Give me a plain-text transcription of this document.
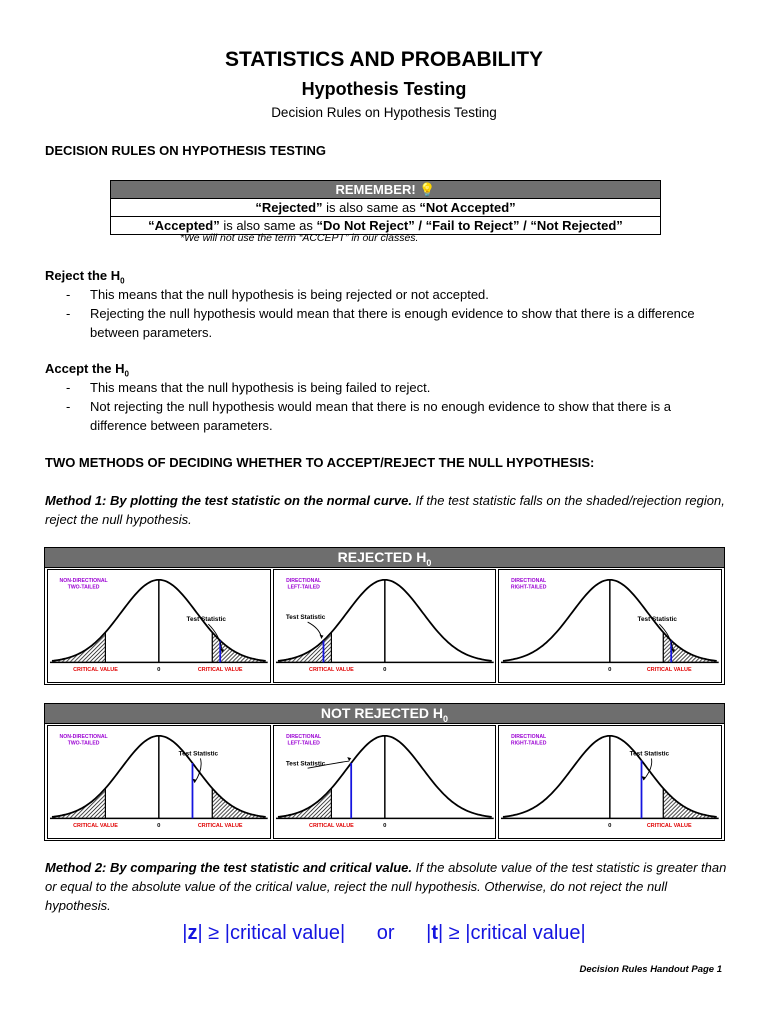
STATISTICS AND PROBABILITY
Hypothesis Testing
Decision Rules on Hypothesis Testing
DECISION RULES ON HYPOTHESIS TESTING
REMEMBER! 💡
“Rejected” is also same as “Not Accepted”
“Accepted” is also same as “Do Not Reject” / “Fail to Reject” / “Not Rejected”
*We will not use the term “ACCEPT” in our classes.
Reject the $H_0$
- This means that the null hypothesis is being rejected or not accepted.
- Rejecting the null hypothesis would mean that there is enough evidence to show that there is a difference between parameters.
Accept the $H_0$
- This means that the null hypothesis is being failed to reject.
- Not rejecting the null hypothesis would mean that there is no enough evidence to show that there is a difference between parameters.
TWO METHODS OF DECIDING WHETHER TO ACCEPT/REJECT THE NULL HYPOTHESIS:
Method 1: By plotting the test statistic on the normal curve. If the test statistic falls on the shaded/rejection region, reject the null hypothesis.
REJECTED $H_0$
Test Statistic
NON-DIRECTIONAL
TWO-TAILED
0
CRITICAL VALUE	CRITICAL VALUE
Test Statistic
DIRECTIONAL
LEFT-TAILED
0
CRITICAL VALUE
Test Statistic
DIRECTIONAL
RIGHT-TAILED
0	CRITICAL VALUE
NOT REJECTED $H_0$
Test Statistic
NON-DIRECTIONAL
TWO-TAILED
0
CRITICAL VALUE	CRITICAL VALUE
Test Statistic
DIRECTIONAL
LEFT-TAILED
0
CRITICAL VALUE
Test Statistic
DIRECTIONAL
RIGHT-TAILED
0	CRITICAL VALUE
Method 2: By comparing the test statistic and critical value. If the absolute value of the test statistic is greater than or equal to the absolute value of the critical value, reject the null hypothesis. Otherwise, do not reject the null hypothesis.
|z| ≥ |critical value| or |t| ≥ |critical value|
Decision Rules Handout Page 1
